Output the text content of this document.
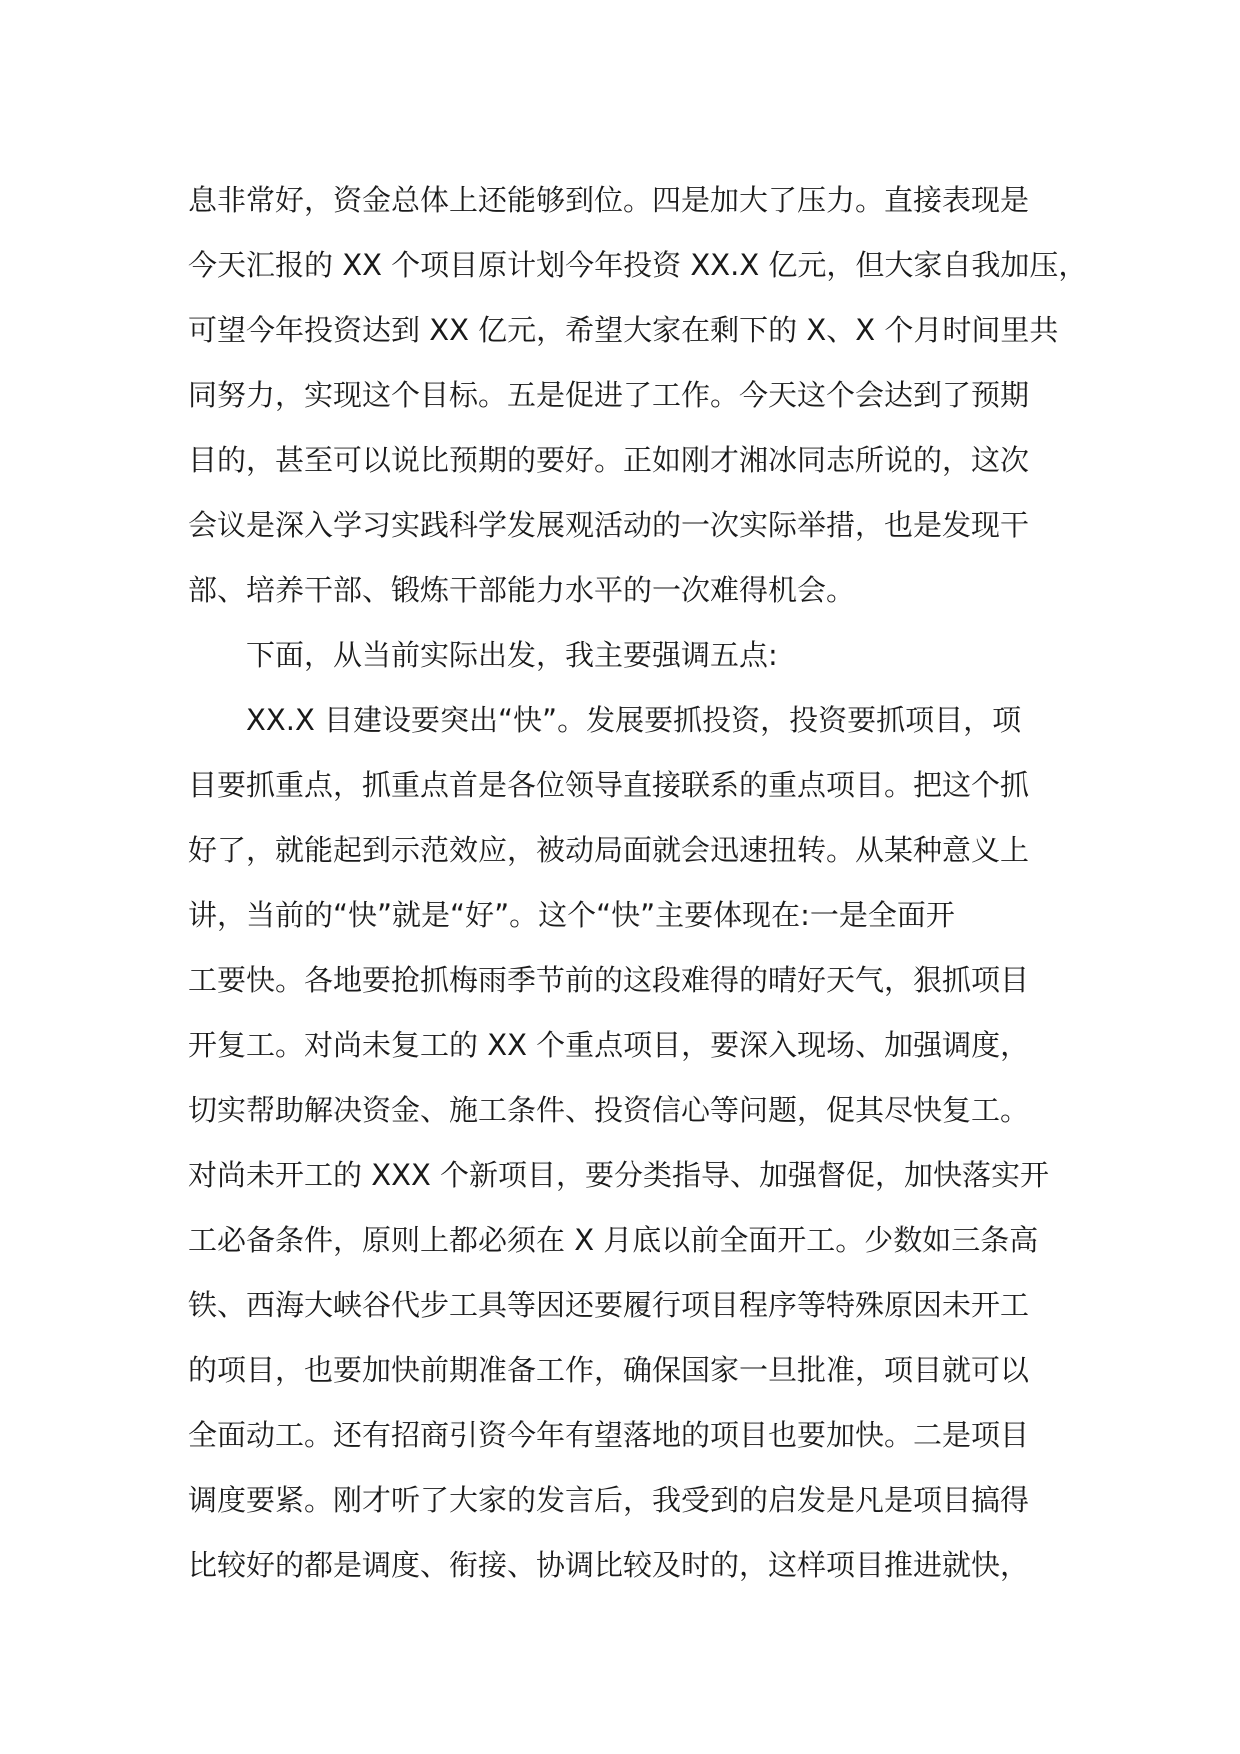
息非常好，资金总体上还能够到位。四是加大了压力。直接表现是
今天汇报的 XX 个项目原计划今年投资 XX.X 亿元，但大家自我加压，
可望今年投资达到 XX 亿元，希望大家在剩下的 X、X 个月时间里共
同努力，实现这个目标。五是促进了工作。今天这个会达到了预期
目的，甚至可以说比预期的要好。正如刚才湘冰同志所说的，这次
会议是深入学习实践科学发展观活动的一次实际举措，也是发现干
部、培养干部、锻炼干部能力水平的一次难得机会。
下面，从当前实际出发，我主要强调五点:
XX.X 目建设要突出“快”。发展要抓投资，投资要抓项目，项
目要抓重点，抓重点首是各位领导直接联系的重点项目。把这个抓
好了，就能起到示范效应，被动局面就会迅速扭转。从某种意义上
讲，当前的“快”就是“好”。这个“快”主要体现在:一是全面开
工要快。各地要抢抓梅雨季节前的这段难得的晴好天气，狠抓项目
开复工。对尚未复工的 XX 个重点项目，要深入现场、加强调度，
切实帮助解决资金、施工条件、投资信心等问题，促其尽快复工。
对尚未开工的 XXX 个新项目，要分类指导、加强督促，加快落实开
工必备条件，原则上都必须在 X 月底以前全面开工。少数如三条高
铁、西海大峡谷代步工具等因还要履行项目程序等特殊原因未开工
的项目，也要加快前期准备工作，确保国家一旦批准，项目就可以
全面动工。还有招商引资今年有望落地的项目也要加快。二是项目
调度要紧。刚才听了大家的发言后，我受到的启发是凡是项目搞得
比较好的都是调度、衔接、协调比较及时的，这样项目推进就快，
